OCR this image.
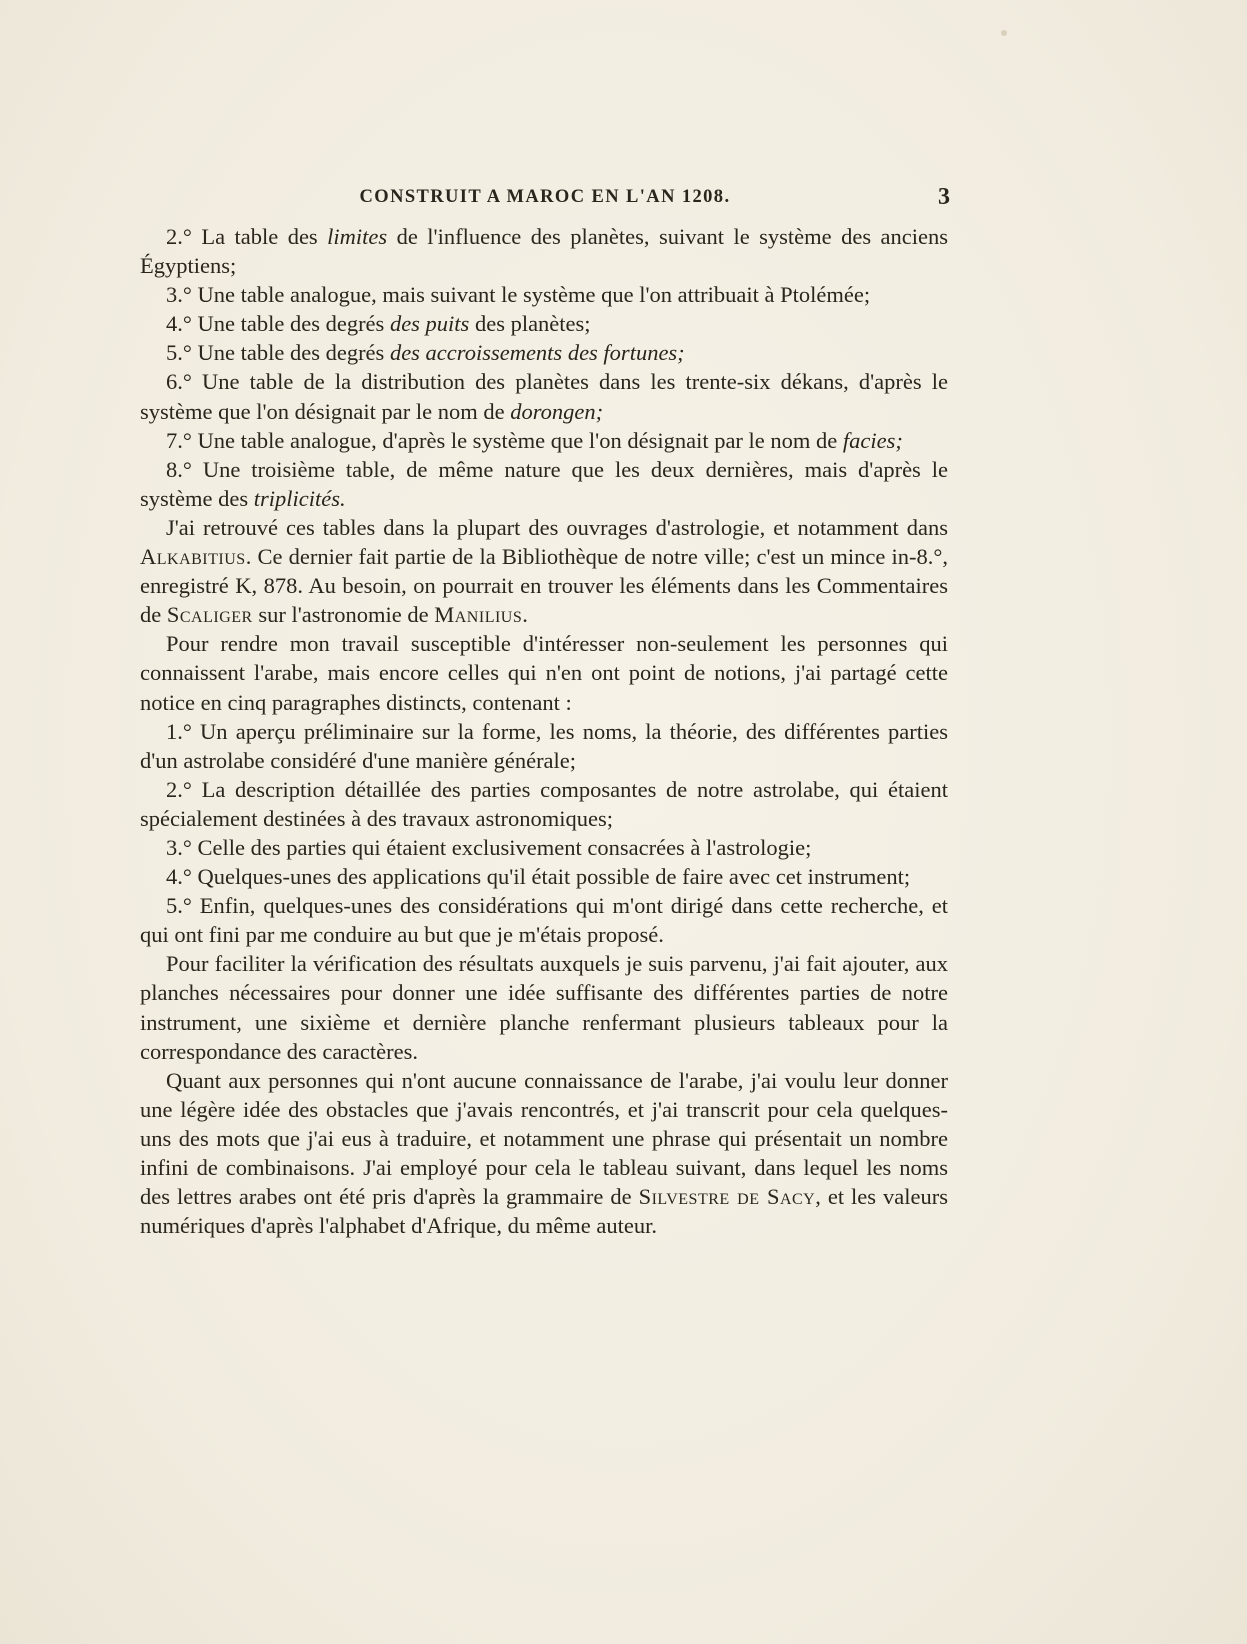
CONSTRUIT A MAROC EN L'AN 1208.	3

2.° La table des limites de l'influence des planètes, suivant le système des anciens Égyptiens;

3.° Une table analogue, mais suivant le système que l'on attribuait à Ptolémée;

4.° Une table des degrés des puits des planètes;

5.° Une table des degrés des accroissements des fortunes;

6.° Une table de la distribution des planètes dans les trente-six dékans, d'après le système que l'on désignait par le nom de dorongen;

7.° Une table analogue, d'après le système que l'on désignait par le nom de facies;

8.° Une troisième table, de même nature que les deux dernières, mais d'après le système des triplicités.

J'ai retrouvé ces tables dans la plupart des ouvrages d'astrologie, et notamment dans Alkabitius. Ce dernier fait partie de la Bibliothèque de notre ville; c'est un mince in-8.°, enregistré K, 878. Au besoin, on pourrait en trouver les éléments dans les Commentaires de Scaliger sur l'astronomie de Manilius.

Pour rendre mon travail susceptible d'intéresser non-seulement les personnes qui connaissent l'arabe, mais encore celles qui n'en ont point de notions, j'ai partagé cette notice en cinq paragraphes distincts, contenant :

1.° Un aperçu préliminaire sur la forme, les noms, la théorie, des différentes parties d'un astrolabe considéré d'une manière générale;

2.° La description détaillée des parties composantes de notre astrolabe, qui étaient spécialement destinées à des travaux astronomiques;

3.° Celle des parties qui étaient exclusivement consacrées à l'astrologie;

4.° Quelques-unes des applications qu'il était possible de faire avec cet instrument;

5.° Enfin, quelques-unes des considérations qui m'ont dirigé dans cette recherche, et qui ont fini par me conduire au but que je m'étais proposé.

Pour faciliter la vérification des résultats auxquels je suis parvenu, j'ai fait ajouter, aux planches nécessaires pour donner une idée suffisante des différentes parties de notre instrument, une sixième et dernière planche renfermant plusieurs tableaux pour la correspondance des caractères.

Quant aux personnes qui n'ont aucune connaissance de l'arabe, j'ai voulu leur donner une légère idée des obstacles que j'avais rencontrés, et j'ai transcrit pour cela quelques-uns des mots que j'ai eus à traduire, et notamment une phrase qui présentait un nombre infini de combinaisons. J'ai employé pour cela le tableau suivant, dans lequel les noms des lettres arabes ont été pris d'après la grammaire de Silvestre de Sacy, et les valeurs numériques d'après l'alphabet d'Afrique, du même auteur.
